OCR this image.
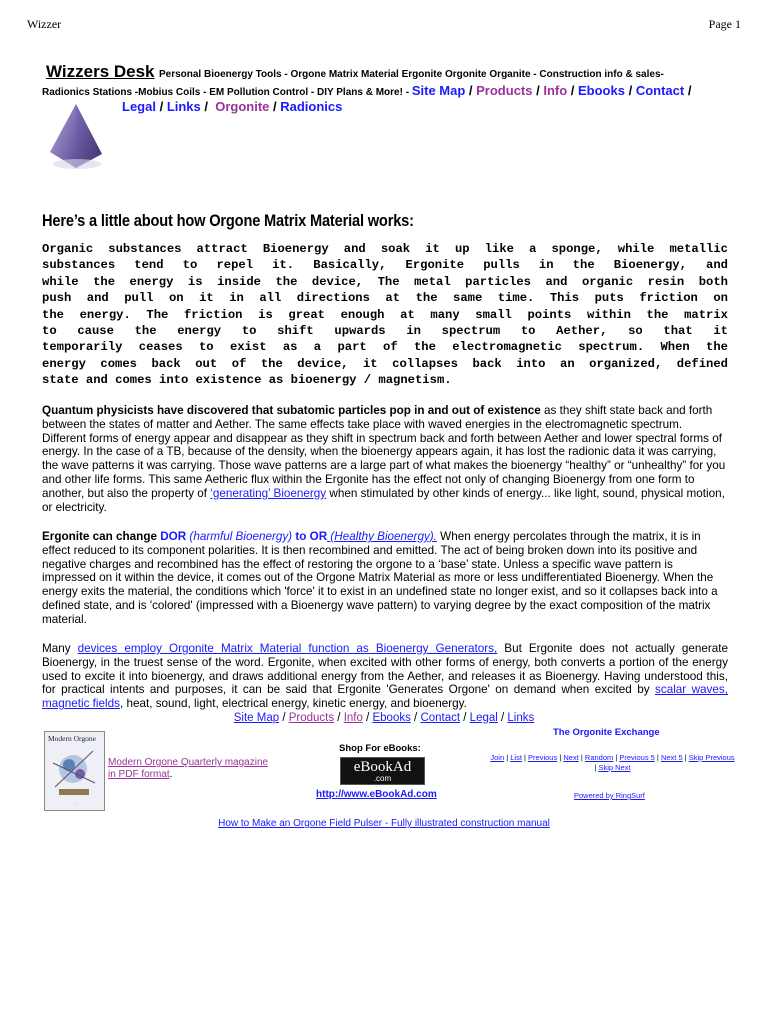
Wizzer	Page 1
Wizzers Desk Personal Bioenergy Tools - Orgone Matrix Material Ergonite Orgonite Organite - Construction info & sales-
Radionics Stations -Mobius Coils - EM Pollution Control - DIY Plans & More! - Site Map / Products / Info / Ebooks / Contact /
Legal / Links /  Orgonite / Radionics
Here’s a little about how Orgone Matrix Material works:
Organic substances attract Bioenergy and soak it up like a sponge, while metallic
substances tend to repel it. Basically, Ergonite pulls in the Bioenergy, and
while the energy is inside the device, The metal particles and organic resin both
push and pull on it in all directions at the same time. This puts friction on
the energy. The friction is great enough at many small points within the matrix
to cause the energy to shift upwards in spectrum to Aether, so that it
temporarily ceases to exist as a part of the electromagnetic spectrum. When the
energy comes back out of the device, it collapses back into an organized, defined
state and comes into existence as bioenergy / magnetism.

Quantum physicists have discovered that subatomic particles pop in and out of existence as they shift state back and forth between the states of matter and Aether. The same effects take place with waved energies in the electromagnetic spectrum. Different forms of energy appear and disappear as they shift in spectrum back and forth between Aether and lower spectral forms of energy. In the case of a TB, because of the density, when the bioenergy appears again, it has lost the radionic data it was carrying, the wave patterns it was carrying. Those wave patterns are a large part of what makes the bioenergy “healthy” or “unhealthy” for you and other life forms. This same Aetheric flux within the Ergonite has the effect not only of changing Bioenergy from one form to another, but also the property of ‘generating’ Bioenergy when stimulated by other kinds of energy... like light, sound, physical motion, or electricity.

Ergonite can change DOR (harmful Bioenergy) to OR (Healthy Bioenergy). When energy percolates through the matrix, it is in effect reduced to its component polarities. It is then recombined and emitted. The act of being broken down into its positive and negative charges and recombined has the effect of restoring the orgone to a ‘base’ state. Unless a specific wave pattern is impressed on it within the device, it comes out of the Orgone Matrix Material as more or less undifferentiated Bioenergy. When the energy exits the material, the conditions which 'force' it to exist in an undefined state no longer exist, and so it collapses back into a defined state, and is 'colored' (impressed with a Bioenergy wave pattern) to varying degree by the exact composition of the matrix material.

Many devices employ Orgonite Matrix Material function as Bioenergy Generators, But Ergonite does not actually generate Bioenergy, in the truest sense of the word. Ergonite, when excited with other forms of energy, both converts a portion of the energy used to excite it into bioenergy, and draws additional energy from the Aether, and releases it as Bioenergy. Having understood this, for practical intents and purposes, it can be said that Ergonite 'Generates Orgone' on demand when excited by scalar waves, magnetic fields, heat, sound, light, electrical energy, kinetic energy, and bioenergy.

Site Map / Products / Info / Ebooks / Contact / Legal / Links
Modern Orgone
·
Modern Orgone Quarterly magazine
in PDF format.
Shop For eBooks:
eBookAd
.com
http://www.eBookAd.com
The Orgonite Exchange
Join | List | Previous | Next | Random | Previous 5 | Next 5 | Skip Previous | Skip Next
Powered by RingSurf
How to Make an Orgone Field Pulser - Fully illustrated construction manual
